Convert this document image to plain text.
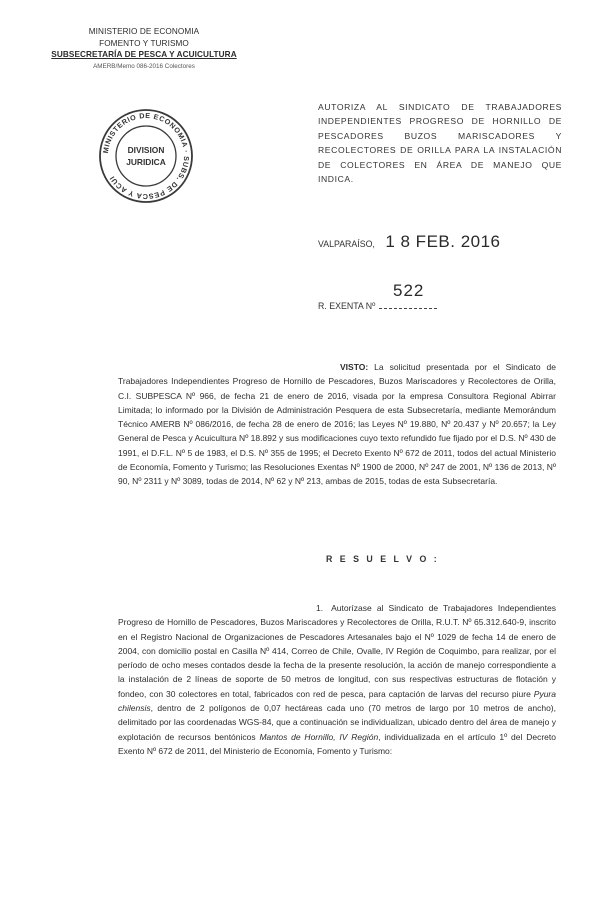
MINISTERIO DE ECONOMIA
FOMENTO Y TURISMO
SUBSECRETARÍA DE PESCA Y ACUICULTURA
AMERB/Memo 086-2016 Colectores
MINISTERIO DE ECONOMIA · SUBS. DE PESCA Y ACUI
DIVISION
JURIDICA
AUTORIZA AL SINDICATO DE TRABAJADORES INDEPENDIENTES PROGRESO DE HORNILLO DE PESCADORES BUZOS MARISCADORES Y RECOLECTORES DE ORILLA PARA LA INSTALACIÓN DE COLECTORES EN ÁREA DE MANEJO QUE INDICA.
VALPARAÍSO, 1 8 FEB. 2016
522
R. EXENTA Nº
VISTO: La solicitud presentada por el Sindicato de Trabajadores Independientes Progreso de Hornillo de Pescadores, Buzos Mariscadores y Recolectores de Orilla, C.I. SUBPESCA Nº 966, de fecha 21 de enero de 2016, visada por la empresa Consultora Regional Abirrar Limitada; lo informado por la División de Administración Pesquera de esta Subsecretaría, mediante Memorándum Técnico AMERB Nº 086/2016, de fecha 28 de enero de 2016; las Leyes Nº 19.880, Nº 20.437 y Nº 20.657; la Ley General de Pesca y Acuicultura Nº 18.892 y sus modificaciones cuyo texto refundido fue fijado por el D.S. Nº 430 de 1991, el D.F.L. Nº 5 de 1983, el D.S. Nº 355 de 1995; el Decreto Exento Nº 672 de 2011, todos del actual Ministerio de Economía, Fomento y Turismo; las Resoluciones Exentas Nº 1900 de 2000, Nº 247 de 2001, Nº 136 de 2013, Nº 90, Nº 2311 y Nº 3089, todas de 2014, Nº 62 y Nº 213, ambas de 2015, todas de esta Subsecretaría.
R E S U E L V O :
1. Autorízase al Sindicato de Trabajadores Independientes Progreso de Hornillo de Pescadores, Buzos Mariscadores y Recolectores de Orilla, R.U.T. Nº 65.312.640-9, inscrito en el Registro Nacional de Organizaciones de Pescadores Artesanales bajo el Nº 1029 de fecha 14 de enero de 2004, con domicilio postal en Casilla Nº 414, Correo de Chile, Ovalle, IV Región de Coquimbo, para realizar, por el período de ocho meses contados desde la fecha de la presente resolución, la acción de manejo correspondiente a la instalación de 2 líneas de soporte de 50 metros de longitud, con sus respectivas estructuras de flotación y fondeo, con 30 colectores en total, fabricados con red de pesca, para captación de larvas del recurso piure Pyura chilensis, dentro de 2 polígonos de 0,07 hectáreas cada uno (70 metros de largo por 10 metros de ancho), delimitado por las coordenadas WGS-84, que a continuación se individualizan, ubicado dentro del área de manejo y explotación de recursos bentónicos Mantos de Hornillo, IV Región, individualizada en el artículo 1º del Decreto Exento Nº 672 de 2011, del Ministerio de Economía, Fomento y Turismo:
